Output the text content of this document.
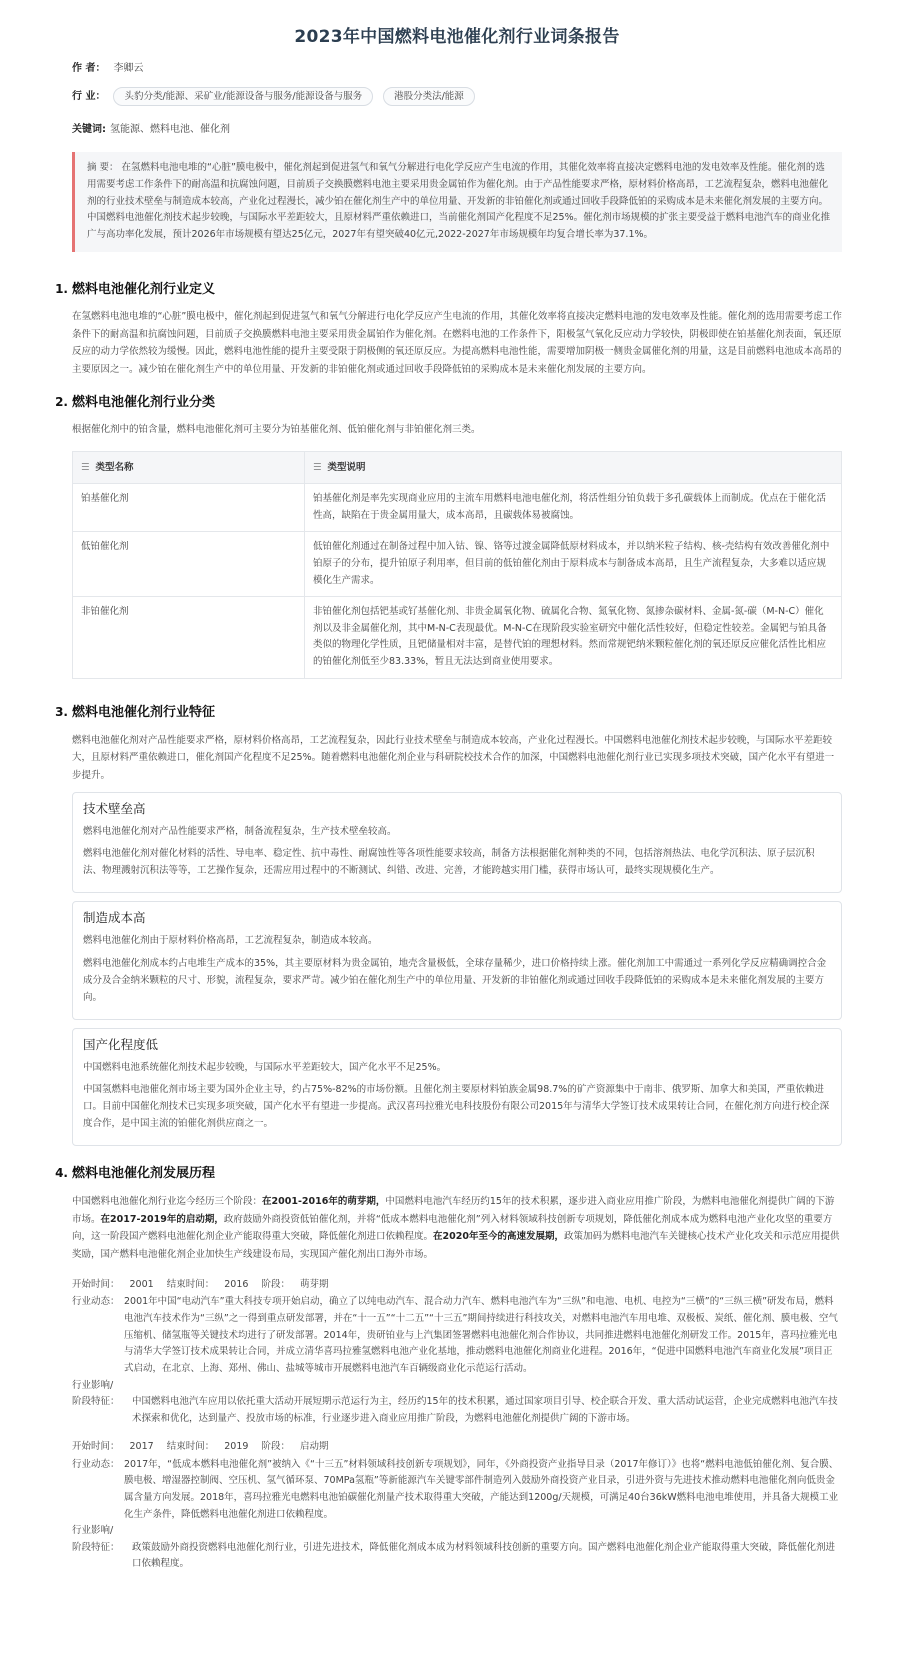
2023年中国燃料电池催化剂行业词条报告
作 者： 李卿云
行 业：	头豹分类/能源、采矿业/能源设备与服务/能源设备与服务	港股分类法/能源
关键词: 氢能源、燃料电池、催化剂
摘 要： 在氢燃料电池电堆的“心脏”膜电极中，催化剂起到促进氢气和氧气分解进行电化学反应产生电流的作用，其催化效率将直接决定燃料电池的发电效率及性能。催化剂的选用需要考虑工作条件下的耐高温和抗腐蚀问题，目前质子交换膜燃料电池主要采用贵金属铂作为催化剂。由于产品性能要求严格，原材料价格高昂，工艺流程复杂，燃料电池催化剂的行业技术壁垒与制造成本较高，产业化过程漫长，减少铂在催化剂生产中的单位用量、开发新的非铂催化剂或通过回收手段降低铂的采购成本是未来催化剂发展的主要方向。中国燃料电池催化剂技术起步较晚，与国际水平差距较大，且原材料严重依赖进口，当前催化剂国产化程度不足25%。催化剂市场规模的扩张主要受益于燃料电池汽车的商业化推广与高功率化发展，预计2026年市场规模有望达25亿元，2027年有望突破40亿元,2022-2027年市场规模年均复合增长率为37.1%。
1. 燃料电池催化剂行业定义

在氢燃料电池电堆的“心脏”膜电极中，催化剂起到促进氢气和氧气分解进行电化学反应产生电流的作用，其催化效率将直接决定燃料电池的发电效率及性能。催化剂的选用需要考虑工作条件下的耐高温和抗腐蚀问题，目前质子交换膜燃料电池主要采用贵金属铂作为催化剂。在燃料电池的工作条件下，阳极氢气氧化反应动力学较快，阴极即使在铂基催化剂表面，氧还原反应的动力学依然较为缓慢。因此，燃料电池性能的提升主要受限于阴极侧的氧还原反应。为提高燃料电池性能，需要增加阴极一侧贵金属催化剂的用量，这是目前燃料电池成本高昂的主要原因之一。减少铂在催化剂生产中的单位用量、开发新的非铂催化剂或通过回收手段降低铂的采购成本是未来催化剂发展的主要方向。

2. 燃料电池催化剂行业分类

根据催化剂中的铂含量，燃料电池催化剂可主要分为铂基催化剂、低铂催化剂与非铂催化剂三类。

☰ 类型名称	☰ 类型说明
铂基催化剂	铂基催化剂是率先实现商业应用的主流车用燃料电池电催化剂，将活性组分铂负载于多孔碳载体上而制成。优点在于催化活性高，缺陷在于贵金属用量大，成本高昂，且碳载体易被腐蚀。
低铂催化剂	低铂催化剂通过在制备过程中加入钴、镍、铬等过渡金属降低原材料成本，并以纳米粒子结构、核-壳结构有效改善催化剂中铂原子的分布，提升铂原子利用率，但目前的低铂催化剂由于原料成本与制备成本高昂，且生产流程复杂，大多难以适应规模化生产需求。
非铂催化剂	非铂催化剂包括钯基或钌基催化剂、非贵金属氧化物、硫属化合物、氮氧化物、氮掺杂碳材料、金属-氮-碳（M-N-C）催化剂以及非金属催化剂，其中M-N-C表现最优。M-N-C在现阶段实验室研究中催化活性较好，但稳定性较差。金属钯与铂具备类似的物理化学性质，且钯储量相对丰富，是替代铂的理想材料。然而常规钯纳米颗粒催化剂的氧还原反应催化活性比相应的铂催化剂低至少83.33%，暂且无法达到商业使用要求。
3. 燃料电池催化剂行业特征

燃料电池催化剂对产品性能要求严格，原材料价格高昂，工艺流程复杂，因此行业技术壁垒与制造成本较高，产业化过程漫长。中国燃料电池催化剂技术起步较晚，与国际水平差距较大，且原材料严重依赖进口，催化剂国产化程度不足25%。随着燃料电池催化剂企业与科研院校技术合作的加深，中国燃料电池催化剂行业已实现多项技术突破，国产化水平有望进一步提升。

技术壁垒高

燃料电池催化剂对产品性能要求严格，制备流程复杂，生产技术壁垒较高。

燃料电池催化剂对催化材料的活性、导电率、稳定性、抗中毒性、耐腐蚀性等各项性能要求较高，制备方法根据催化剂种类的不同，包括溶剂热法、电化学沉积法、原子层沉积法、物理溅射沉积法等等，工艺操作复杂，还需应用过程中的不断测试、纠错、改进、完善，才能跨越实用门槛，获得市场认可，最终实现规模化生产。

制造成本高

燃料电池催化剂由于原材料价格高昂，工艺流程复杂，制造成本较高。

燃料电池催化剂成本约占电堆生产成本的35%，其主要原材料为贵金属铂，地壳含量极低，全球存量稀少，进口价格持续上涨。催化剂加工中需通过一系列化学反应精确调控合金成分及合金纳米颗粒的尺寸、形貌，流程复杂，要求严苛。减少铂在催化剂生产中的单位用量、开发新的非铂催化剂或通过回收手段降低铂的采购成本是未来催化剂发展的主要方向。

国产化程度低

中国燃料电池系统催化剂技术起步较晚，与国际水平差距较大，国产化水平不足25%。

中国氢燃料电池催化剂市场主要为国外企业主导，约占75%-82%的市场份额。且催化剂主要原材料铂族金属98.7%的矿产资源集中于南非、俄罗斯、加拿大和美国，严重依赖进口。目前中国催化剂技术已实现多项突破，国产化水平有望进一步提高。武汉喜玛拉雅光电科技股份有限公司2015年与清华大学签订技术成果转让合同，在催化剂方向进行校企深度合作，是中国主流的铂催化剂供应商之一。

4. 燃料电池催化剂发展历程

中国燃料电池催化剂行业迄今经历三个阶段：在2001-2016年的萌芽期，中国燃料电池汽车经历约15年的技术积累，逐步进入商业应用推广阶段，为燃料电池催化剂提供广阔的下游市场。在2017-2019年的启动期，政府鼓励外商投资低铂催化剂，并将“低成本燃料电池催化剂”列入材料领域科技创新专项规划，降低催化剂成本成为燃料电池产业化攻坚的重要方向，这一阶段国产燃料电池催化剂企业产能取得重大突破，降低催化剂进口依赖程度。在2020年至今的高速发展期，政策加码为燃料电池汽车关键核心技术产业化攻关和示范应用提供奖励，国产燃料电池催化剂企业加快生产线建设布局，实现国产催化剂出口海外市场。

开始时间： 2001 结束时间： 2016 阶段： 萌芽期
行业动态： 2001年中国“电动汽车”重大科技专项开始启动，确立了以纯电动汽车、混合动力汽车、燃料电池汽车为“三纵”和电池、电机、电控为“三横”的“三纵三横”研发布局，燃料电池汽车技术作为“三纵”之一得到重点研发部署，并在“十一五”“十二五”“十三五”期间持续进行科技攻关，对燃料电池汽车用电堆、双极板、炭纸、催化剂、膜电极、空气压缩机、储氢瓶等关键技术均进行了研发部署。2014年，贵研铂业与上汽集团签署燃料电池催化剂合作协议，共同推进燃料电池催化剂研发工作。2015年，喜玛拉雅光电与清华大学签订技术成果转让合同，并成立清华喜玛拉雅氢燃料电池产业化基地，推动燃料电池催化剂商业化进程。2016年，“促进中国燃料电池汽车商业化发展”项目正式启动，在北京、上海、郑州、佛山、盐城等城市开展燃料电池汽车百辆级商业化示范运行活动。
行业影响/
阶段特征：	中国燃料电池汽车应用以依托重大活动开展短期示范运行为主，经历约15年的技术积累，通过国家项目引导、校企联合开发、重大活动试运营，企业完成燃料电池汽车技术探索和优化，达到量产、投放市场的标准，行业逐步进入商业应用推广阶段，为燃料电池催化剂提供广阔的下游市场。
开始时间： 2017 结束时间： 2019 阶段： 启动期
行业动态： 2017年，“低成本燃料电池催化剂”被纳入《“十三五”材料领域科技创新专项规划》，同年，《外商投资产业指导目录（2017年修订）》也将“燃料电池低铂催化剂、复合膜、膜电极、增湿器控制阀、空压机、氢气循环泵、70MPa氢瓶”等新能源汽车关键零部件制造列入鼓励外商投资产业目录，引进外资与先进技术推动燃料电池催化剂向低贵金属含量方向发展。2018年，喜玛拉雅光电燃料电池铂碳催化剂量产技术取得重大突破，产能达到1200g/天规模，可满足40台36kW燃料电池电堆使用，并具备大规模工业化生产条件，降低燃料电池催化剂进口依赖程度。
行业影响/
阶段特征：	政策鼓励外商投资燃料电池催化剂行业，引进先进技术，降低催化剂成本成为材料领域科技创新的重要方向。国产燃料电池催化剂企业产能取得重大突破，降低催化剂进口依赖程度。
